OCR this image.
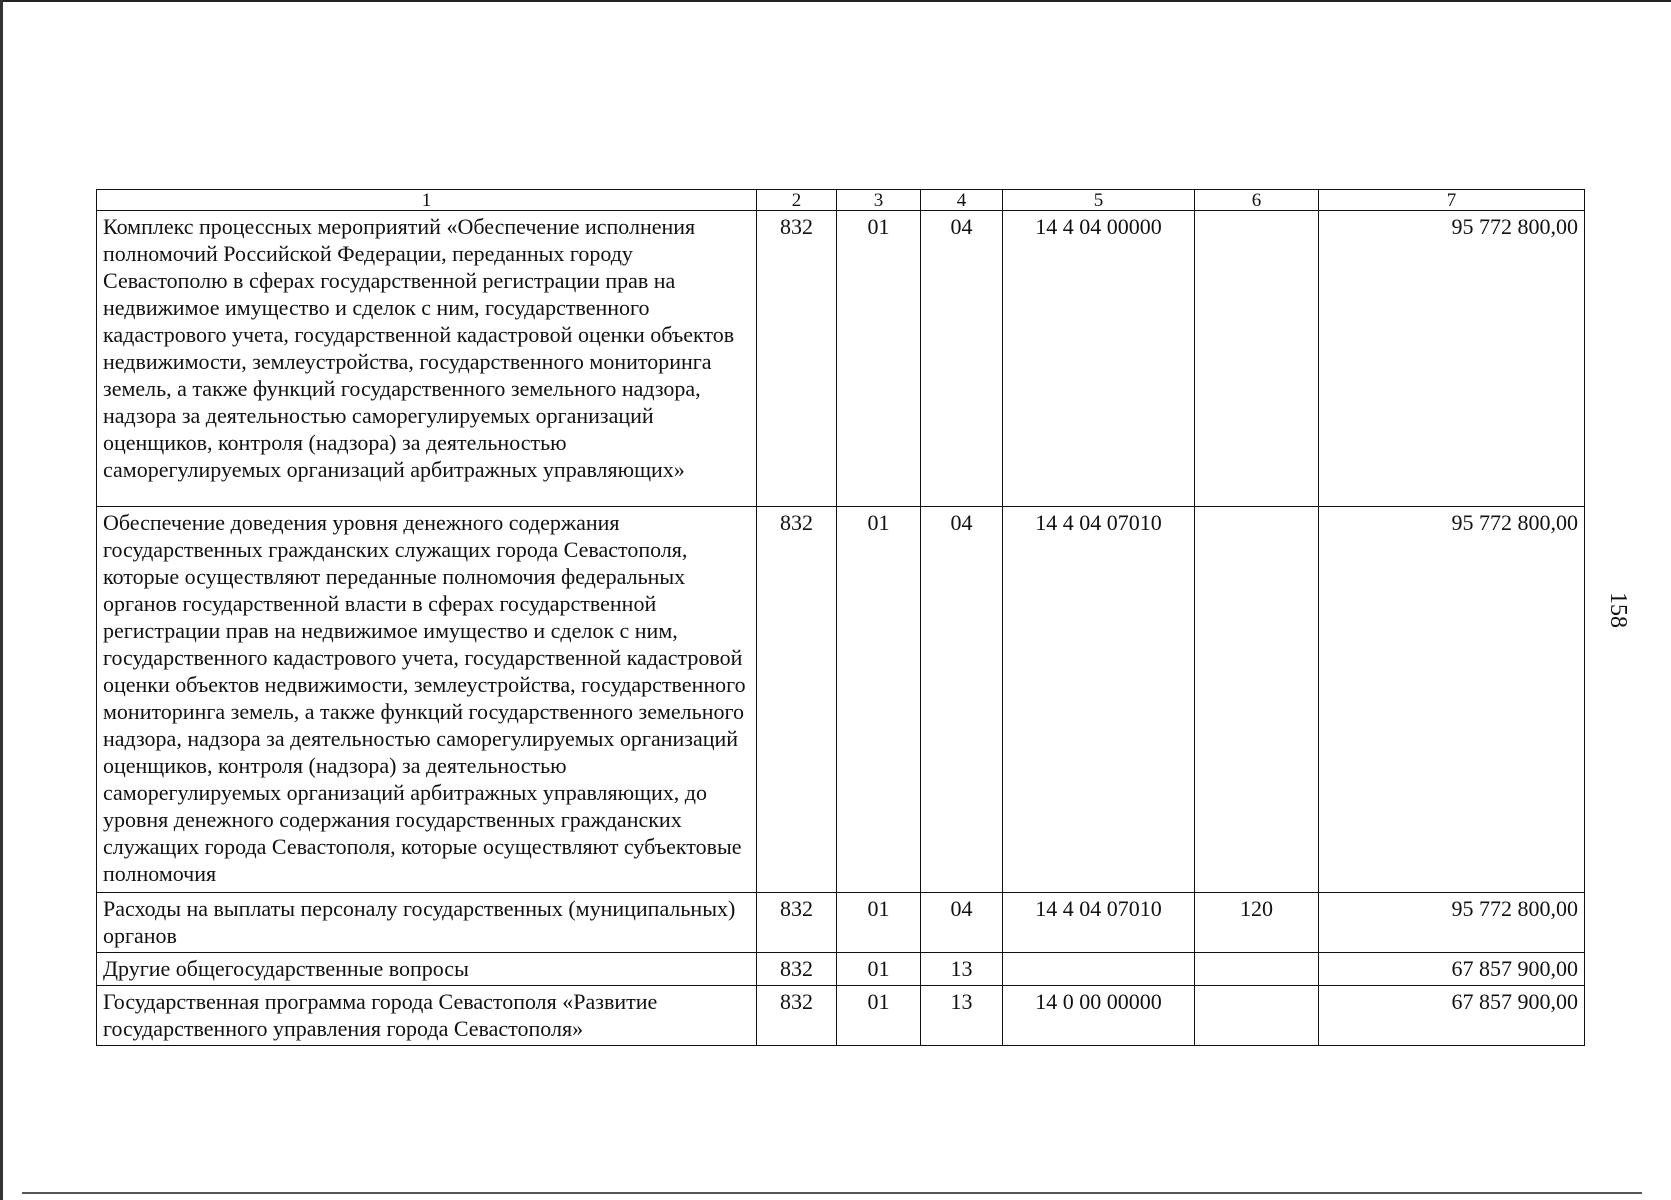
1	2	3	4	5	6	7
Комплекс процессных мероприятий «Обеспечение исполнения полномочий Российской Федерации, переданных городу Севастополю в сферах государственной регистрации прав на недвижимое имущество и сделок с ним, государственного кадастрового учета, государственной кадастровой оценки объектов недвижимости, землеустройства, государственного мониторинга земель, а также функций государственного земельного надзора, надзора за деятельностью саморегулируемых организаций оценщиков, контроля (надзора) за деятельностью саморегулируемых организаций арбитражных управляющих»	832	01	04	14 4 04 00000		95 772 800,00
Обеспечение доведения уровня денежного содержания государственных гражданских служащих города Севастополя, которые осуществляют переданные полномочия федеральных органов государственной власти в сферах государственной регистрации прав на недвижимое имущество и сделок с ним, государственного кадастрового учета, государственной кадастровой оценки объектов недвижимости, землеустройства, государственного мониторинга земель, а также функций государственного земельного надзора, надзора за деятельностью саморегулируемых организаций оценщиков, контроля (надзора) за деятельностью саморегулируемых организаций арбитражных управляющих, до уровня денежного содержания государственных гражданских служащих города Севастополя, которые осуществляют субъектовые полномочия	832	01	04	14 4 04 07010		95 772 800,00
Расходы на выплаты персоналу государственных (муниципальных) органов	832	01	04	14 4 04 07010	120	95 772 800,00
Другие общегосударственные вопросы	832	01	13			67 857 900,00
Государственная программа города Севастополя «Развитие государственного управления города Севастополя»	832	01	13	14 0 00 00000		67 857 900,00
158
